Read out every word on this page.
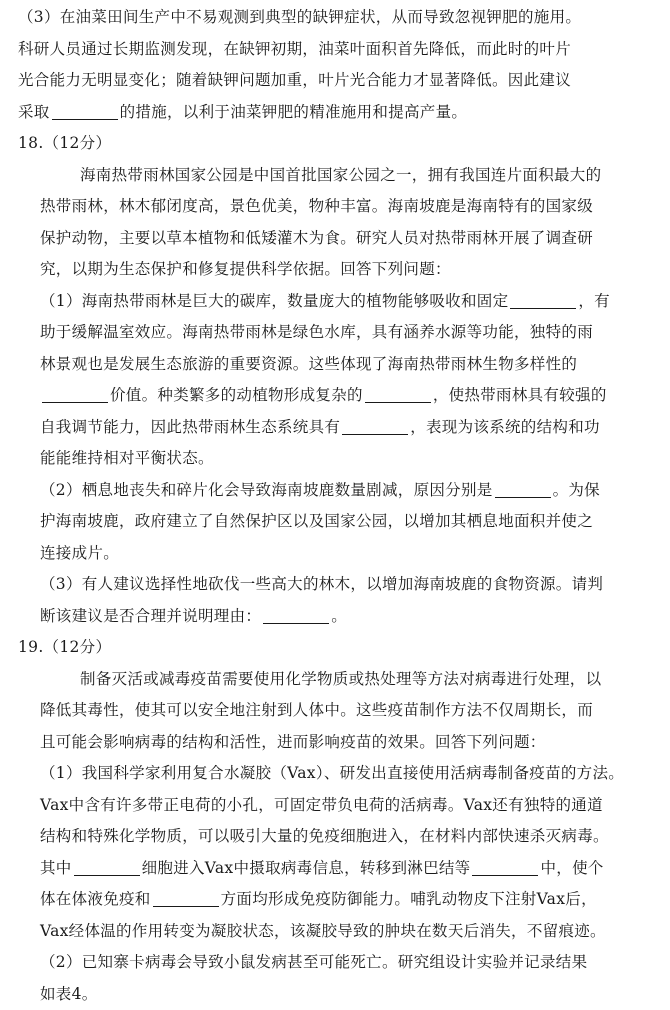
（3）在油菜田间生产中不易观测到典型的缺钾症状，从而导致忽视钾肥的施用。
科研人员通过长期监测发现，在缺钾初期，油菜叶面积首先降低，而此时的叶片
光合能力无明显变化；随着缺钾问题加重，叶片光合能力才显著降低。因此建议
采取	的措施，以利于油菜钾肥的精准施用和提高产量。
18.（12分）
海南热带雨林国家公园是中国首批国家公园之一，拥有我国连片面积最大的
热带雨林，林木郁闭度高，景色优美，物种丰富。海南坡鹿是海南特有的国家级
保护动物，主要以草本植物和低矮灌木为食。研究人员对热带雨林开展了调查研
究，以期为生态保护和修复提供科学依据。回答下列问题：
（1）海南热带雨林是巨大的碳库，数量庞大的植物能够吸收和固定	，有
助于缓解温室效应。海南热带雨林是绿色水库，具有涵养水源等功能，独特的雨
林景观也是发展生态旅游的重要资源。这些体现了海南热带雨林生物多样性的
价值。种类繁多的动植物形成复杂的	，使热带雨林具有较强的
自我调节能力，因此热带雨林生态系统具有	，表现为该系统的结构和功
能能维持相对平衡状态。
（2）栖息地丧失和碎片化会导致海南坡鹿数量剧减，原因分别是	。为保
护海南坡鹿，政府建立了自然保护区以及国家公园，以增加其栖息地面积并使之
连接成片。
（3）有人建议选择性地砍伐一些高大的林木，以增加海南坡鹿的食物资源。请判
断该建议是否合理并说明理由：	。
19.（12分）
制备灭活或减毒疫苗需要使用化学物质或热处理等方法对病毒进行处理，以
降低其毒性，使其可以安全地注射到人体中。这些疫苗制作方法不仅周期长，而
且可能会影响病毒的结构和活性，进而影响疫苗的效果。回答下列问题：
（1）我国科学家利用复合水凝胶（Vax）、研发出直接使用活病毒制备疫苗的方法。
Vax中含有许多带正电荷的小孔，可固定带负电荷的活病毒。Vax还有独特的通道
结构和特殊化学物质，可以吸引大量的免疫细胞进入，在材料内部快速杀灭病毒。
其中	细胞进入Vax中摄取病毒信息，转移到淋巴结等	中，使个
体在体液免疫和	方面均形成免疫防御能力。哺乳动物皮下注射Vax后，
Vax经体温的作用转变为凝胶状态，该凝胶导致的肿块在数天后消失，不留痕迹。
（2）已知寨卡病毒会导致小鼠发病甚至可能死亡。研究组设计实验并记录结果
如表4。
